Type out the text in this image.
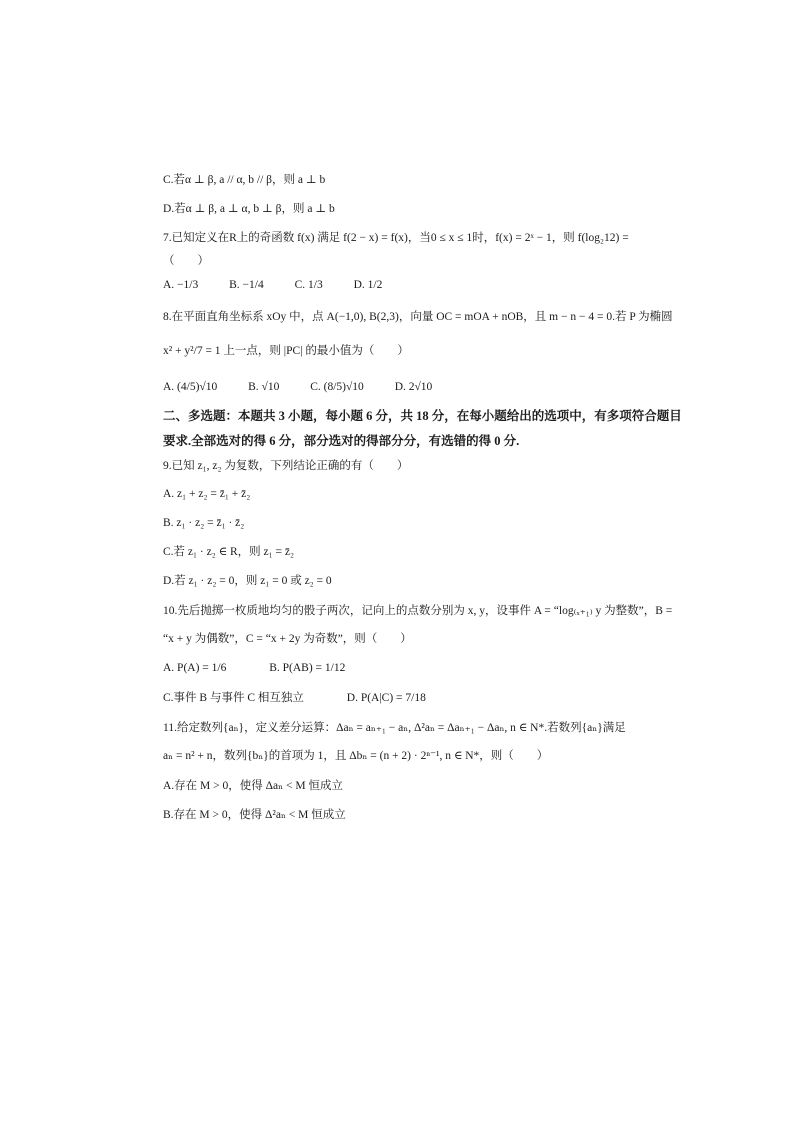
C.若α ⊥ β, a // α, b // β，则 a ⊥ b
D.若α ⊥ β, a ⊥ α, b ⊥ β，则 a ⊥ b
7.已知定义在R上的奇函数 f(x) 满足 f(2 − x) = f(x)，当0 ≤ x ≤ 1时，f(x) = 2ˣ − 1，则 f(log₂12) =
（　　）
A. −1/3	B. −1/4	C. 1/3	D. 1/2
8.在平面直角坐标系 xOy 中，点 A(−1,0), B(2,3)，向量 OC = mOA + nOB，且 m − n − 4 = 0.若 P 为椭圆
x² + y²/7 = 1 上一点，则 |PC| 的最小值为（　　）
A. (4/5)√10	B. √10	C. (8/5)√10	D. 2√10
二、多选题：本题共 3 小题，每小题 6 分，共 18 分，在每小题给出的选项中，有多项符合题目
要求.全部选对的得 6 分，部分选对的得部分分，有选错的得 0 分.
9.已知 z₁, z₂ 为复数，下列结论正确的有（　　）
A. z₁ + z₂ = z̄₁ + z̄₂
B. z₁ · z₂ = z̄₁ · z̄₂
C.若 z₁ · z₂ ∈ R，则 z₁ = z̄₂
D.若 z₁ · z₂ = 0，则 z₁ = 0 或 z₂ = 0
10.先后抛掷一枚质地均匀的骰子两次，记向上的点数分别为 x, y，设事件 A = “log₍ₓ₊₁₎ y 为整数”，B =
“x + y 为偶数”，C = “x + 2y 为奇数”，则（　　）
A. P(A) = 1/6	B. P(AB) = 1/12
C.事件 B 与事件 C 相互独立	D. P(A|C) = 7/18
11.给定数列{aₙ}，定义差分运算：Δaₙ = aₙ₊₁ − aₙ, Δ²aₙ = Δaₙ₊₁ − Δaₙ, n ∈ N*.若数列{aₙ}满足
aₙ = n² + n，数列{bₙ}的首项为 1，且 Δbₙ = (n + 2) · 2ⁿ⁻¹, n ∈ N*，则（　　）
A.存在 M > 0，使得 Δaₙ < M 恒成立
B.存在 M > 0，使得 Δ²aₙ < M 恒成立
